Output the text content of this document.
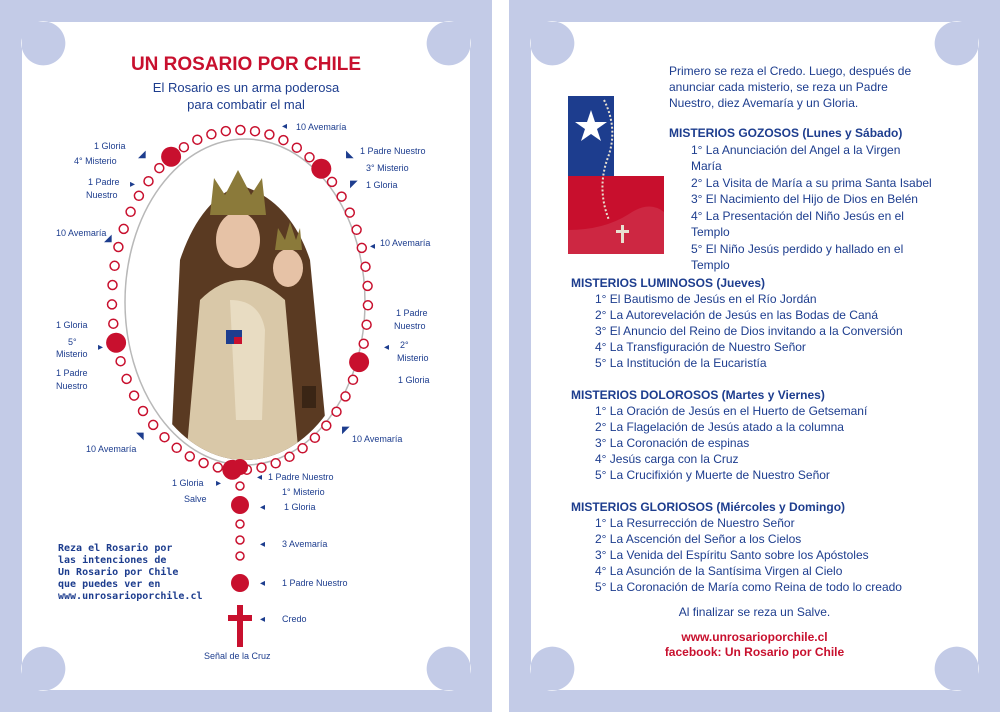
UN ROSARIO POR CHILE
El Rosario es un arma poderosa
para combatir el mal
10 Avemaría
1 Gloria
4° Misterio
1 Padre
Nuestro
1 Padre Nuestro
3° Misterio
1 Gloria
10 Avemaría
10 Avemaría
1 Gloria
5°
Misterio
1 Padre
Nuestro
1 Padre
Nuestro
2°
Misterio
1 Gloria
10 Avemaría
10 Avemaría
1 Gloria
Salve
1 Padre Nuestro
1° Misterio
1 Gloria
3 Avemaría
1 Padre Nuestro
Credo
Señal de la Cruz
◂
◢
▸
◣
◤
◢
◂
▸	◂
◥
◤
▸
◂
◂
◂
◂
◂
Reza el Rosario por
las intenciones de
Un Rosario por Chile
que puedes ver en
www.unrosarioporchile.cl
Primero se reza el Credo. Luego, después de
anunciar cada misterio, se reza un Padre
Nuestro, diez Avemaría y un Gloria.
MISTERIOS GOZOSOS (Lunes y Sábado)
1° La Anunciación del Angel a la Virgen
María
2° La Visita de María a su prima Santa Isabel
3° El Nacimiento del Hijo de Dios en Belén
4° La Presentación del Niño Jesús en el
Templo
5° El Niño Jesús perdido y hallado en el
Templo
MISTERIOS LUMINOSOS (Jueves)
1° El Bautismo de Jesús en el Río Jordán
2° La Autorevelación de Jesús en las Bodas de Caná
3° El Anuncio del Reino de Dios invitando a la Conversión
4° La Transfiguración de Nuestro Señor
5° La Institución de la Eucaristía
MISTERIOS DOLOROSOS (Martes y Viernes)
1° La Oración de Jesús en el Huerto de Getsemaní
2° La Flagelación de Jesús atado a la columna
3° La Coronación de espinas
4° Jesús carga con la Cruz
5° La Crucifixión y Muerte de Nuestro Señor
MISTERIOS GLORIOSOS (Miércoles y Domingo)
1° La Resurrección de Nuestro Señor
2° La Ascención del Señor a los Cielos
3° La Venida del Espíritu Santo sobre los Apóstoles
4° La Asunción de la Santísima Virgen al Cielo
5° La Coronación de María como Reina de todo lo creado
Al finalizar se reza un Salve.
www.unrosarioporchile.cl
facebook: Un Rosario por Chile
